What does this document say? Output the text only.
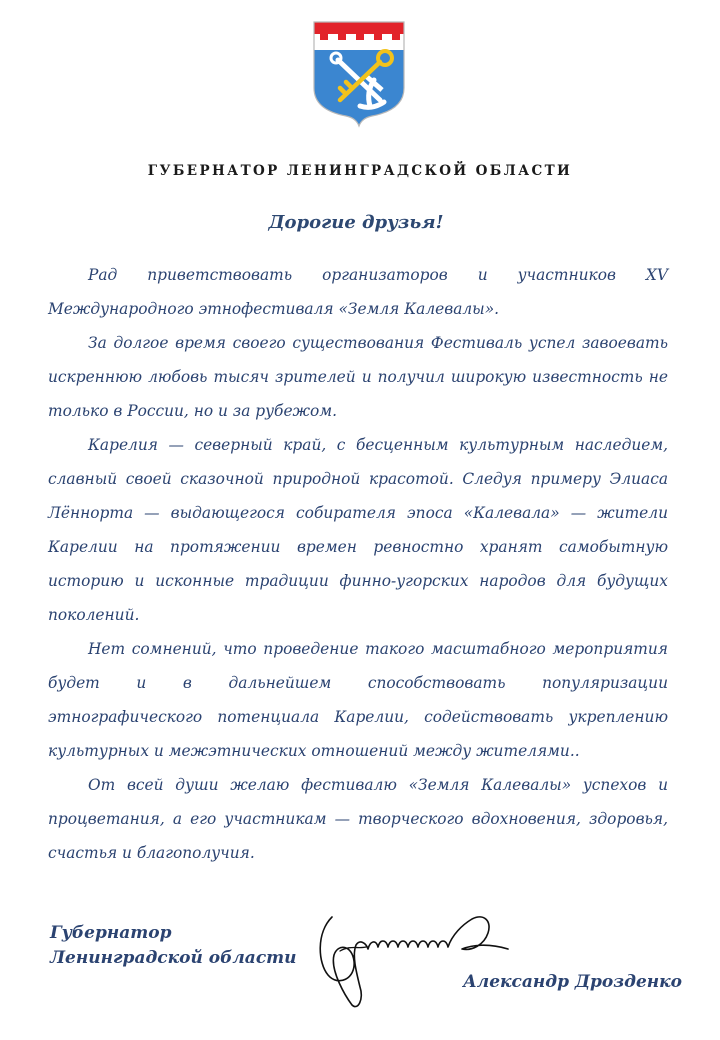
ГУБЕРНАТОР ЛЕНИНГРАДСКОЙ ОБЛАСТИ
Дорогие друзья!

Рад приветствовать организаторов и участников XV Международного этнофестиваля «Земля Калевалы».

За долгое время своего существования Фестиваль успел завоевать искреннюю любовь тысяч зрителей и получил широкую известность не только в России, но и за рубежом.

Карелия — северный край, с бесценным культурным наследием, славный своей сказочной природной красотой. Следуя примеру Элиаса Лённорта — выдающегося собирателя эпоса «Калевала» — жители Карелии на протяжении времен ревностно хранят самобытную историю и исконные традиции финно-угорских народов для будущих поколений.

Нет сомнений, что проведение такого масштабного мероприятия будет и в дальнейшем способствовать популяризации этнографического потенциала Карелии, содействовать укреплению культурных и межэтнических отношений между жителями..

От всей души желаю фестивалю «Земля Калевалы» успехов и процветания, а его участникам — творческого вдохновения, здоровья, счастья и благополучия.

Губернатор
Ленинградской области
Александр Дрозденко
